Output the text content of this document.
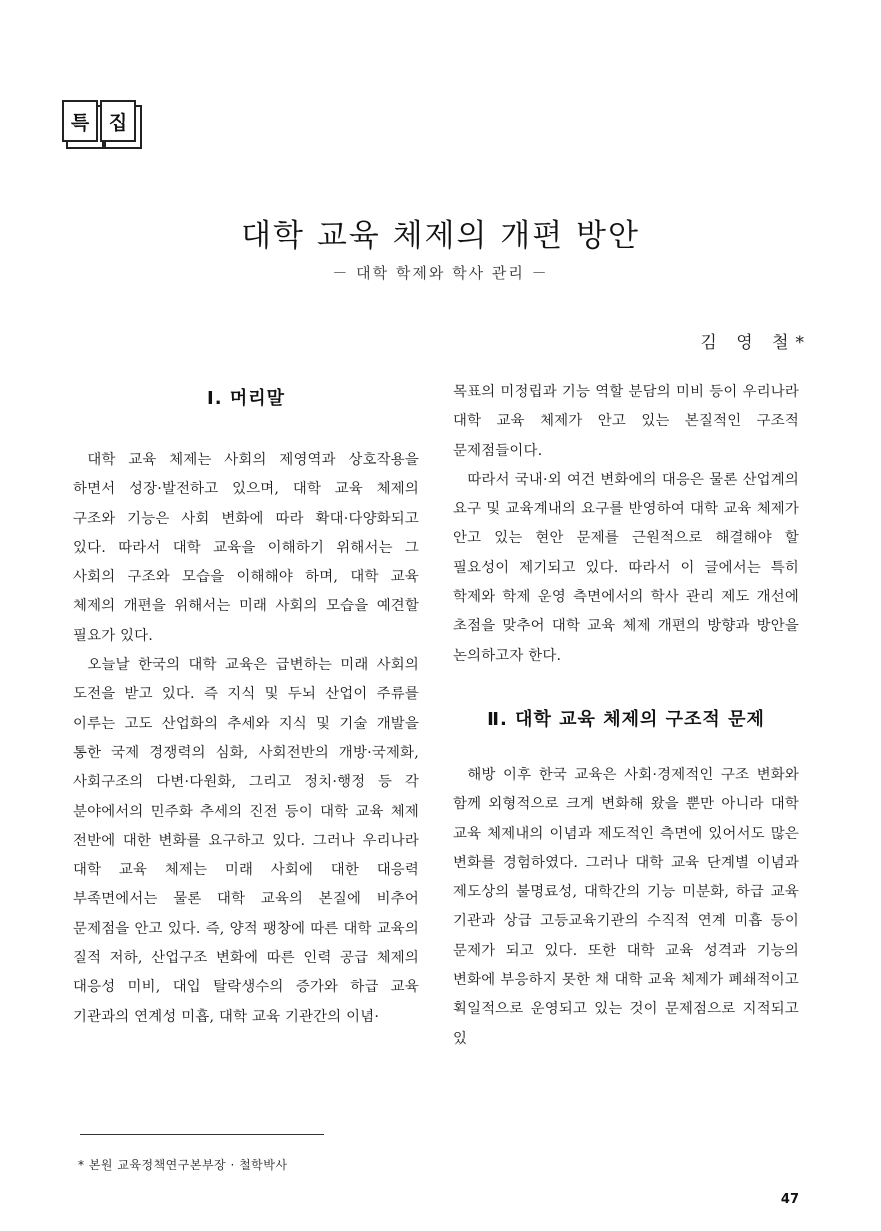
특	집
대학 교육 체제의 개편 방안
－ 대학 학제와 학사 관리 －
김 영 철*
Ⅰ. 머리말

대학 교육 체제는 사회의 제영역과 상호작용을 하면서 성장·발전하고 있으며, 대학 교육 체제의 구조와 기능은 사회 변화에 따라 확대·다양화되고 있다. 따라서 대학 교육을 이해하기 위해서는 그 사회의 구조와 모습을 이해해야 하며, 대학 교육 체제의 개편을 위해서는 미래 사회의 모습을 예견할 필요가 있다.

오늘날 한국의 대학 교육은 급변하는 미래 사회의 도전을 받고 있다. 즉 지식 및 두뇌 산업이 주류를 이루는 고도 산업화의 추세와 지식 및 기술 개발을 통한 국제 경쟁력의 심화, 사회전반의 개방·국제화, 사회구조의 다변·다원화, 그리고 정치·행정 등 각 분야에서의 민주화 추세의 진전 등이 대학 교육 체제 전반에 대한 변화를 요구하고 있다. 그러나 우리나라 대학 교육 체제는 미래 사회에 대한 대응력 부족면에서는 물론 대학 교육의 본질에 비추어 문제점을 안고 있다. 즉, 양적 팽창에 따른 대학 교육의 질적 저하, 산업구조 변화에 따른 인력 공급 체제의 대응성 미비, 대입 탈락생수의 증가와 하급 교육 기관과의 연계성 미흡, 대학 교육 기관간의 이념·

목표의 미정립과 기능 역할 분담의 미비 등이 우리나라 대학 교육 체제가 안고 있는 본질적인 구조적 문제점들이다.

따라서 국내·외 여건 변화에의 대응은 물론 산업계의 요구 및 교육계내의 요구를 반영하여 대학 교육 체제가 안고 있는 현안 문제를 근원적으로 해결해야 할 필요성이 제기되고 있다. 따라서 이 글에서는 특히 학제와 학제 운영 측면에서의 학사 관리 제도 개선에 초점을 맞추어 대학 교육 체제 개편의 방향과 방안을 논의하고자 한다.

Ⅱ. 대학 교육 체제의 구조적 문제

해방 이후 한국 교육은 사회·경제적인 구조 변화와 함께 외형적으로 크게 변화해 왔을 뿐만 아니라 대학 교육 체제내의 이념과 제도적인 측면에 있어서도 많은 변화를 경험하였다. 그러나 대학 교육 단계별 이념과 제도상의 불명료성, 대학간의 기능 미분화, 하급 교육 기관과 상급 고등교육기관의 수직적 연계 미흡 등이 문제가 되고 있다. 또한 대학 교육 성격과 기능의 변화에 부응하지 못한 채 대학 교육 체제가 폐쇄적이고 획일적으로 운영되고 있는 것이 문제점으로 지적되고 있

* 본원 교육정책연구본부장 · 철학박사
47
